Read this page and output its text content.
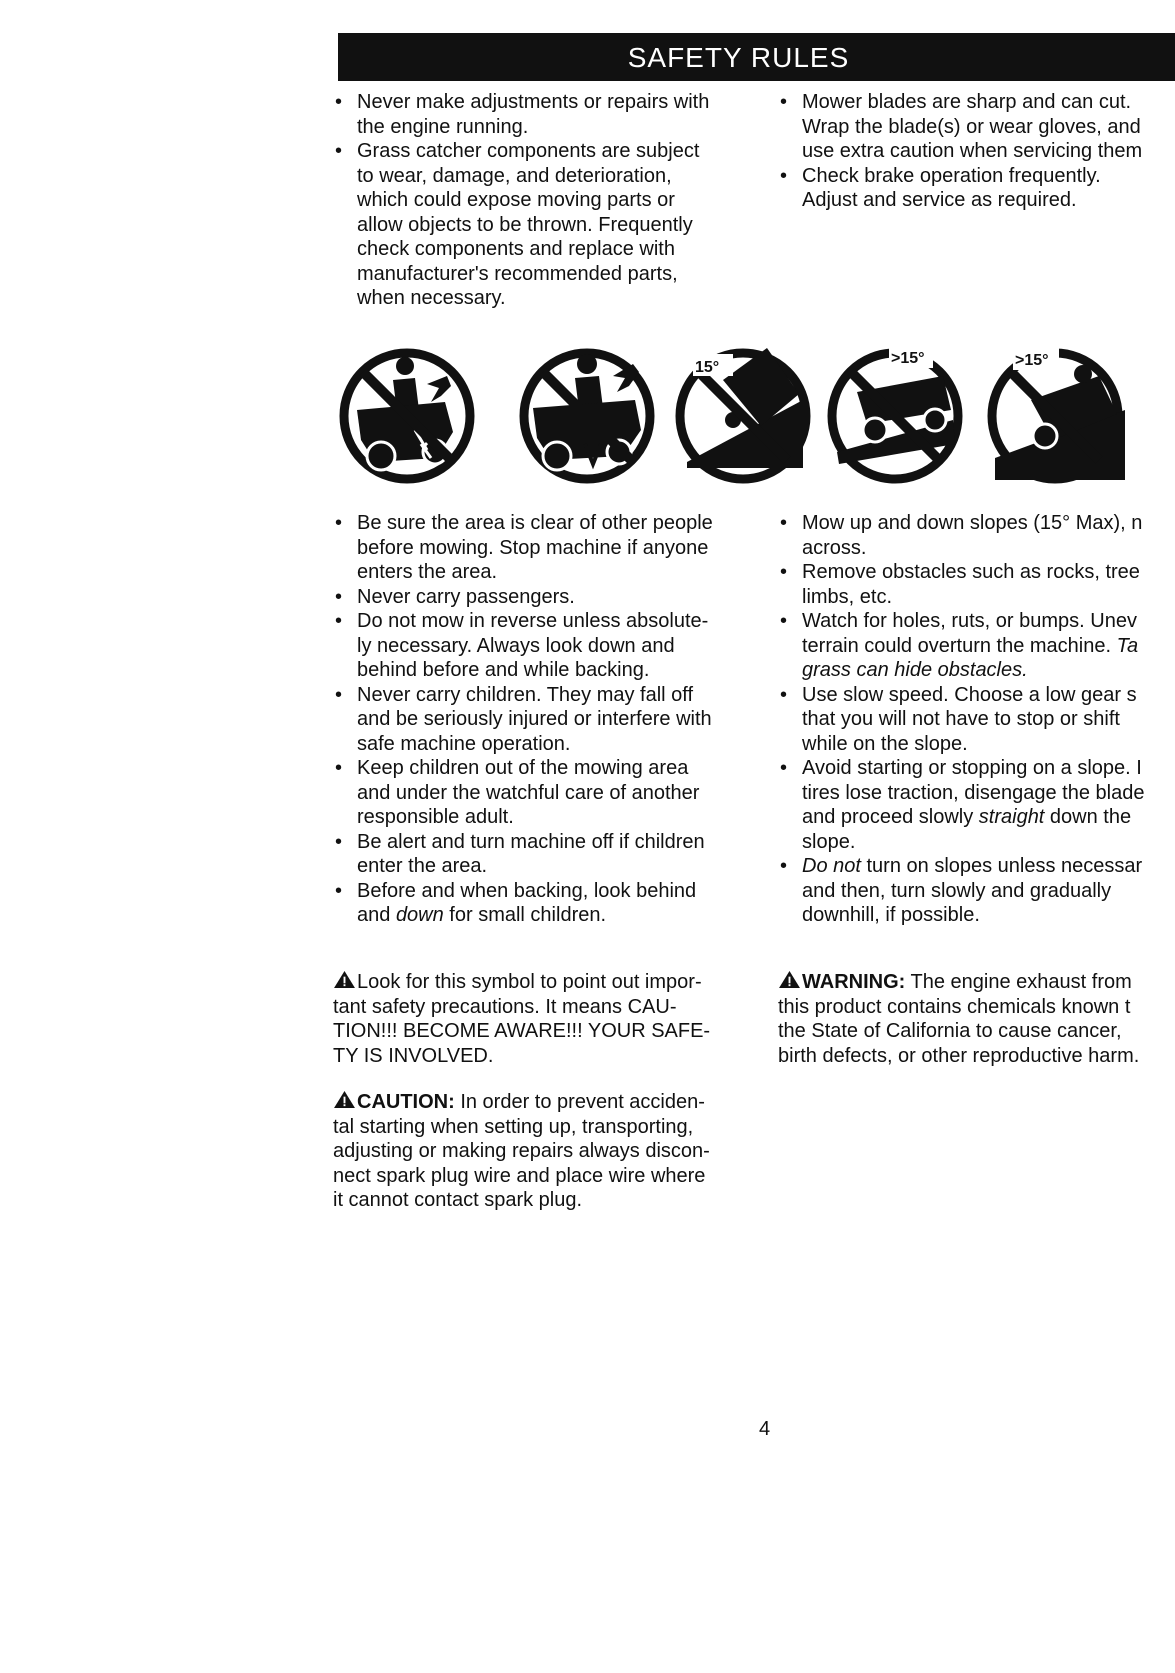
SAFETY RULES
• Never make adjustments or repairs with
the engine running.
• Grass catcher components are subject
to wear, damage, and deterioration,
which could expose moving parts or
allow objects to be thrown. Frequently
check components and replace with
manufacturer's recommended parts,
when necessary.
• Mower blades are sharp and can cut.
Wrap the blade(s) or wear gloves, and
use extra caution when servicing them
• Check brake operation frequently.
Adjust and service as required.
15°
>15°	>15°
• Be sure the area is clear of other people
before mowing. Stop machine if anyone
enters the area.
• Never carry passengers.
• Do not mow in reverse unless absolute-
ly necessary. Always look down and
behind before and while backing.
• Never carry children. They may fall off
and be seriously injured or interfere with
safe machine operation.
• Keep children out of the mowing area
and under the watchful care of another
responsible adult.
• Be alert and turn machine off if children
enter the area.
• Before and when backing, look behind
and down for small children.
• Mow up and down slopes (15° Max), n
across.
• Remove obstacles such as rocks, tree
limbs, etc.
• Watch for holes, ruts, or bumps. Unev
terrain could overturn the machine. Ta
grass can hide obstacles.
• Use slow speed. Choose a low gear s
that you will not have to stop or shift
while on the slope.
• Avoid starting or stopping on a slope. I
tires lose traction, disengage the blade
and proceed slowly straight down the
slope.
• Do not turn on slopes unless necessar
and then, turn slowly and gradually
downhill, if possible.
Look for this symbol to point out impor-
tant safety precautions. It means CAU-
TION!!! BECOME AWARE!!! YOUR SAFE-
TY IS INVOLVED.
CAUTION: In order to prevent acciden-
tal starting when setting up, transporting,
adjusting or making repairs always discon-
nect spark plug wire and place wire where
it cannot contact spark plug.
WARNING: The engine exhaust from
this product contains chemicals known t
the State of California to cause cancer,
birth defects, or other reproductive harm.
4
